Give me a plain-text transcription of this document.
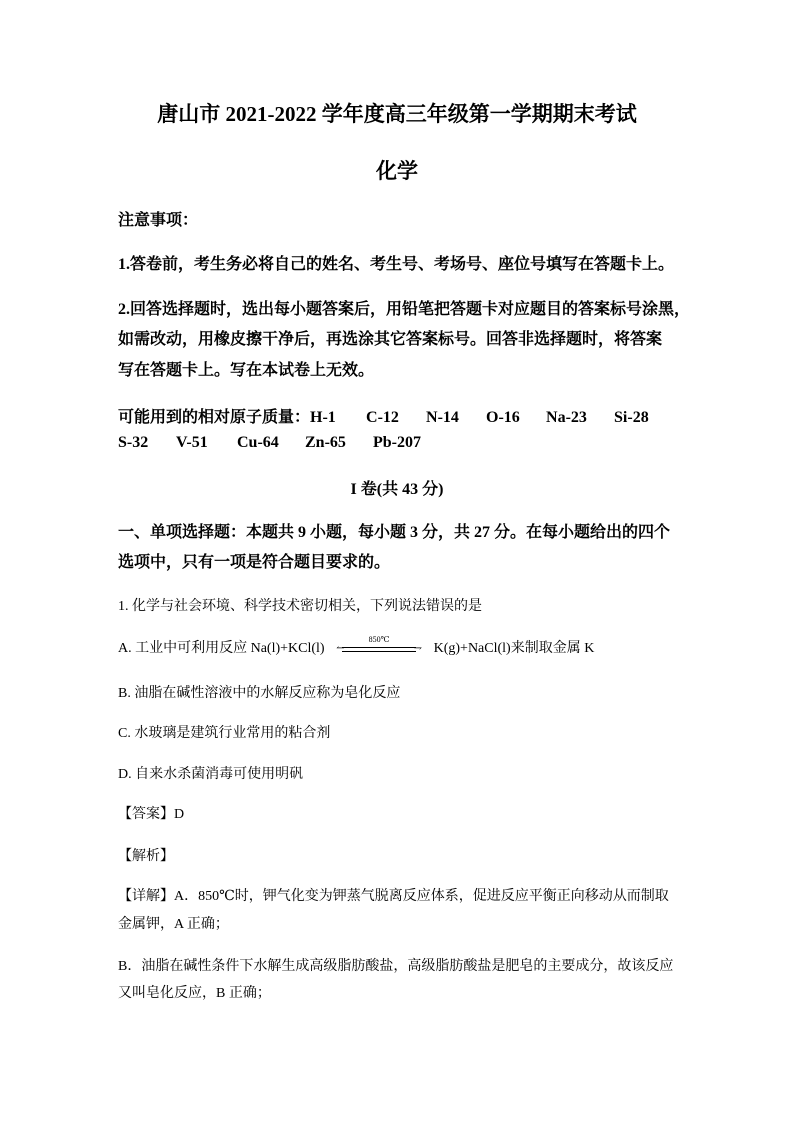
唐山市 2021-2022 学年度高三年级第一学期期末考试
化学
注意事项：
1.答卷前，考生务必将自己的姓名、考生号、考场号、座位号填写在答题卡上。
2.回答选择题时，选出每小题答案后，用铅笔把答题卡对应题目的答案标号涂黑，
如需改动，用橡皮擦干净后，再选涂其它答案标号。回答非选择题时，将答案
写在答题卡上。写在本试卷上无效。
可能用到的相对原子质量：H-1 C-12 N-14 O-16 Na-23 Si-28
S-32 V-51 Cu-64 Zn-65 Pb-207
I 卷(共 43 分)
一、单项选择题：本题共 9 小题，每小题 3 分，共 27 分。在每小题给出的四个
选项中，只有一项是符合题目要求的。
1. 化学与社会环境、科学技术密切相关，下列说法错误的是
A. 工业中可利用反应 Na(l)+KCl(l)
850℃
↼	⇁ K(g)+NaCl(l)来制取金属 K
B. 油脂在碱性溶液中的水解反应称为皂化反应
C. 水玻璃是建筑行业常用的粘合剂
D. 自来水杀菌消毒可使用明矾
【答案】D
【解析】
【详解】A．850℃时，钾气化变为钾蒸气脱离反应体系，促进反应平衡正向移动从而制取
金属钾，A 正确；
B．油脂在碱性条件下水解生成高级脂肪酸盐，高级脂肪酸盐是肥皂的主要成分，故该反应
又叫皂化反应，B 正确；
